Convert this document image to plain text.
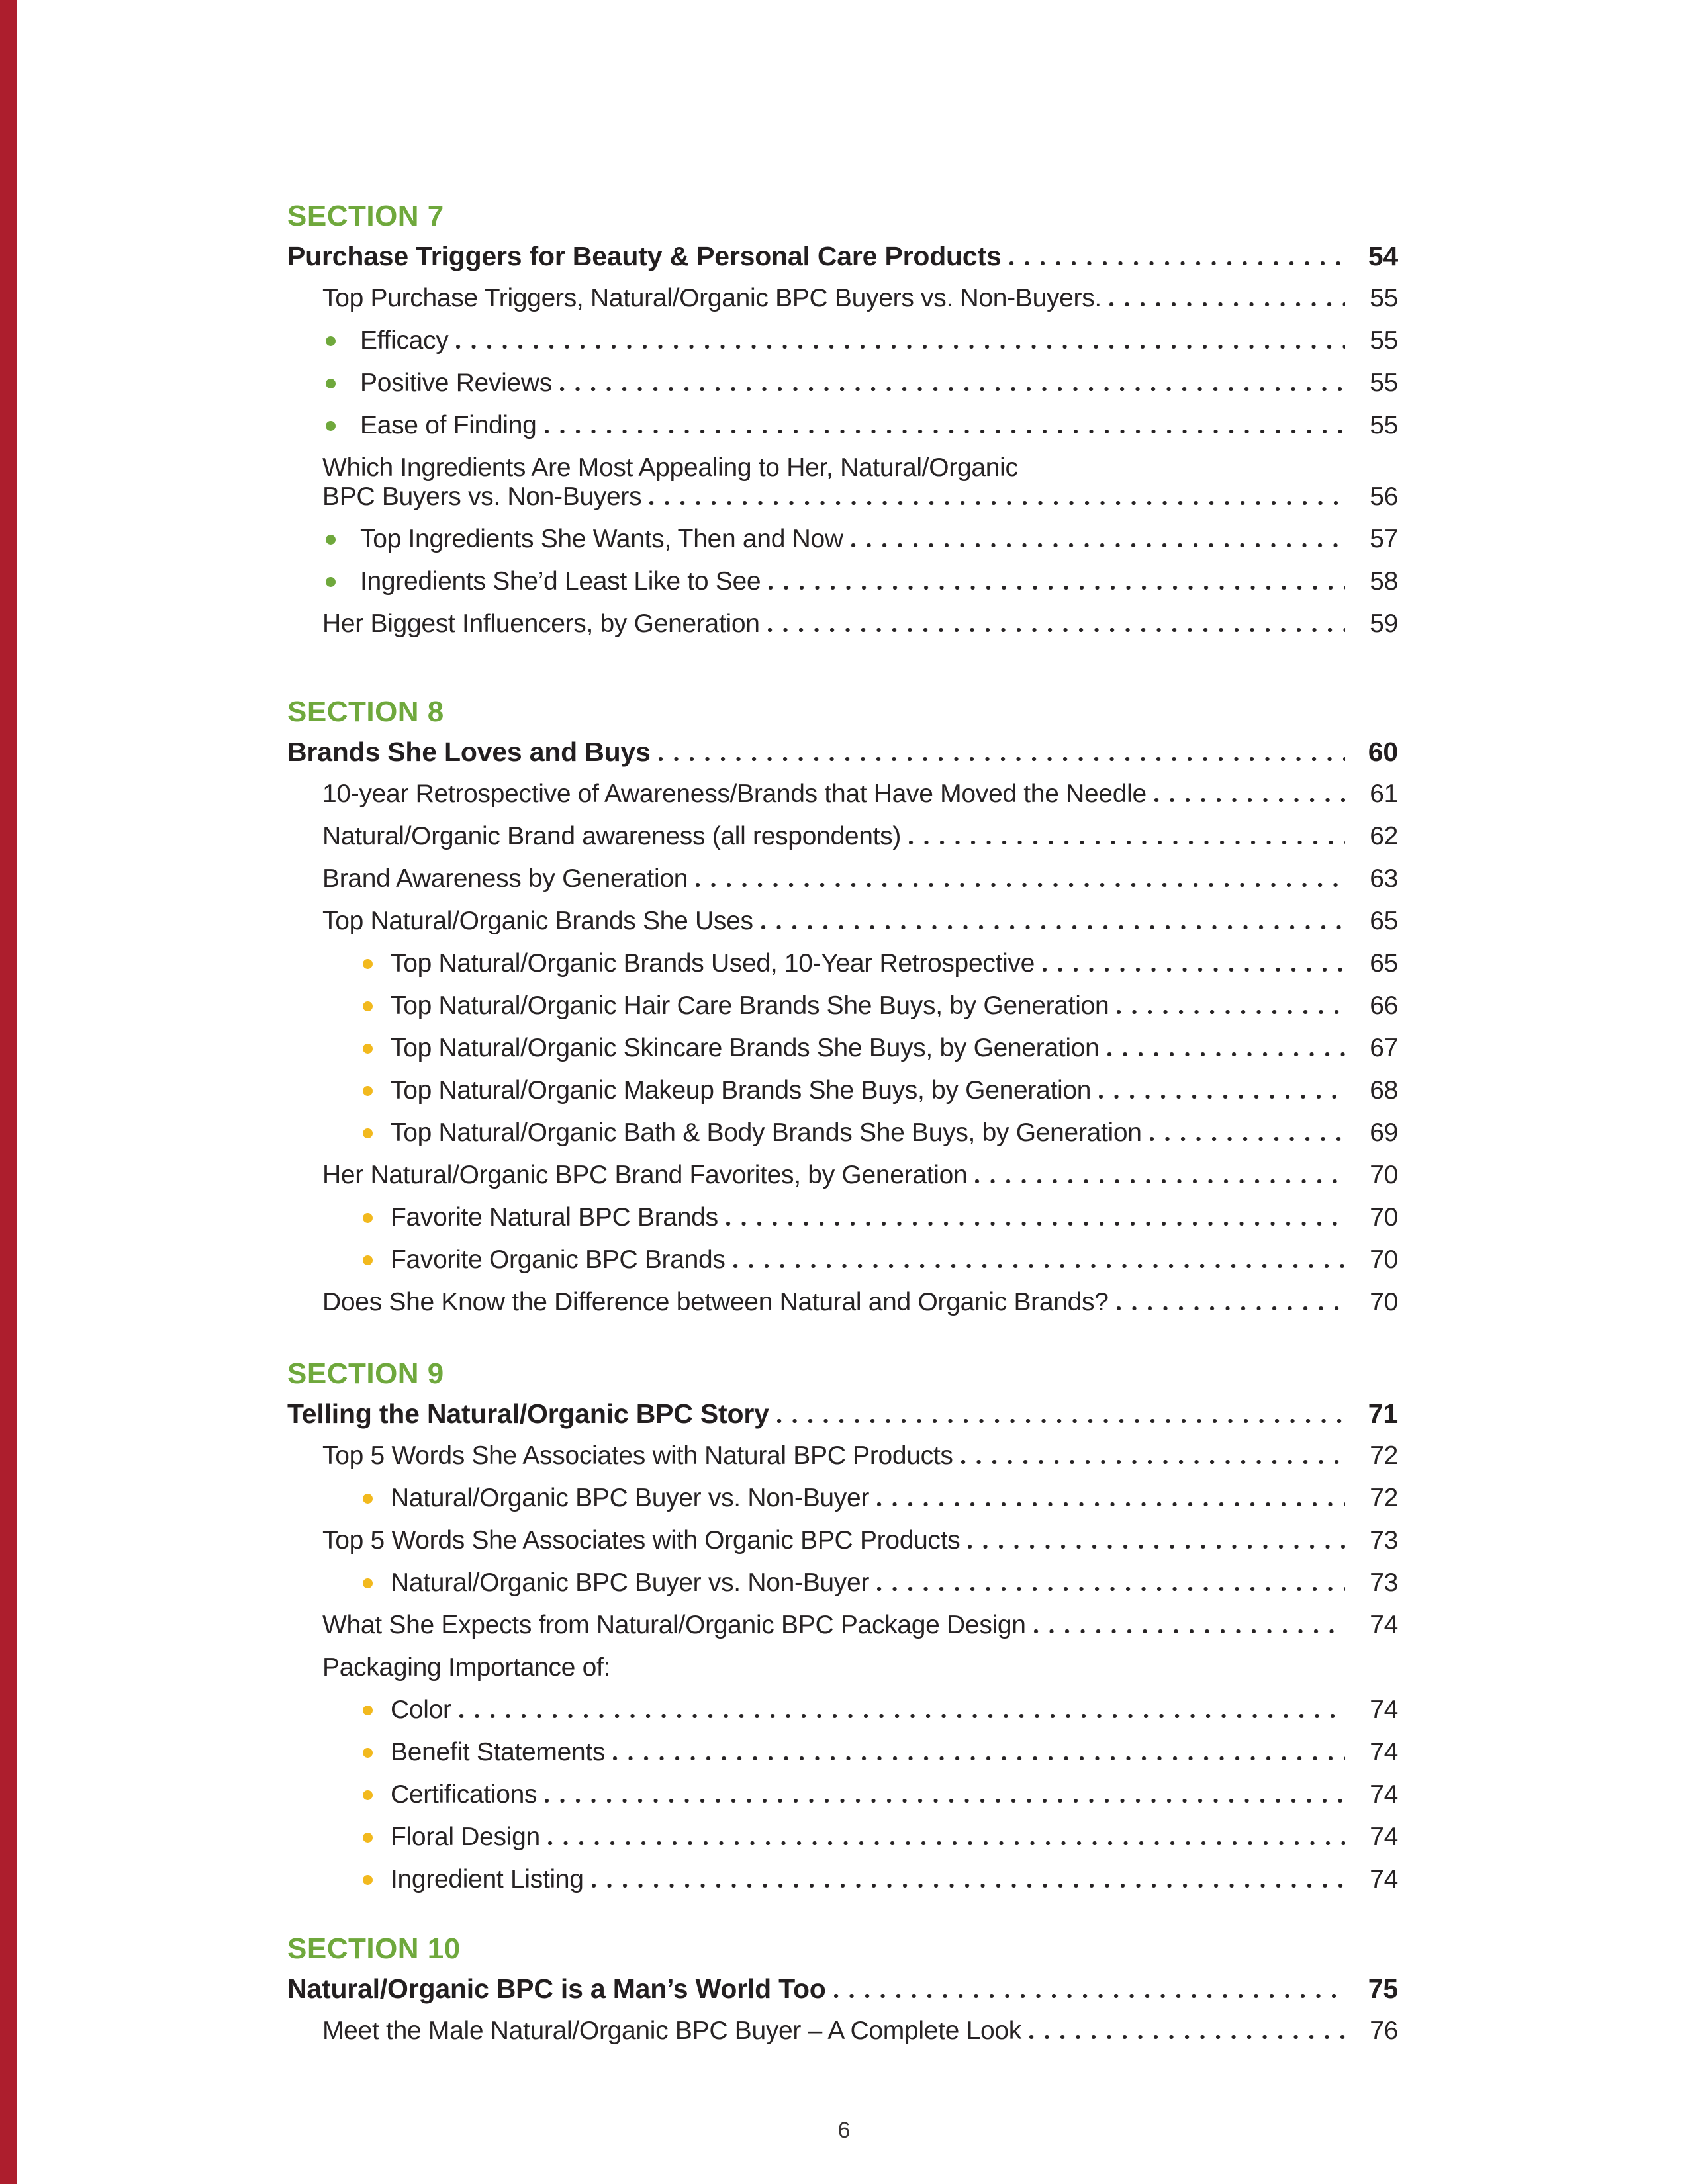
SECTION 7
Purchase Triggers for Beauty & Personal Care Products	54
Top Purchase Triggers, Natural/Organic BPC Buyers vs. Non-Buyers.	55
Efficacy	55
Positive Reviews	55
Ease of Finding	55
Which Ingredients Are Most Appealing to Her, Natural/Organic
BPC Buyers vs. Non-Buyers	56
Top Ingredients She Wants, Then and Now	57
Ingredients She’d Least Like to See	58
Her Biggest Influencers, by Generation	59
SECTION 8
Brands She Loves and Buys	60
10-year Retrospective of Awareness/Brands that Have Moved the Needle	61
Natural/Organic Brand awareness (all respondents)	62
Brand Awareness by Generation	63
Top Natural/Organic Brands She Uses	65
Top Natural/Organic Brands Used, 10-Year Retrospective	65
Top Natural/Organic Hair Care Brands She Buys, by Generation	66
Top Natural/Organic Skincare Brands She Buys, by Generation	67
Top Natural/Organic Makeup Brands She Buys, by Generation	68
Top Natural/Organic Bath & Body Brands She Buys, by Generation	69
Her Natural/Organic BPC Brand Favorites, by Generation	70
Favorite Natural BPC Brands	70
Favorite Organic BPC Brands	70
Does She Know the Difference between Natural and Organic Brands?	70
SECTION 9
Telling the Natural/Organic BPC Story	71
Top 5 Words She Associates with Natural BPC Products	72
Natural/Organic BPC Buyer vs. Non-Buyer	72
Top 5 Words She Associates with Organic BPC Products	73
Natural/Organic BPC Buyer vs. Non-Buyer	73
What She Expects from Natural/Organic BPC Package Design	74
Packaging Importance of:
Color	74
Benefit Statements	74
Certifications	74
Floral Design	74
Ingredient Listing	74
SECTION 10
Natural/Organic BPC is a Man’s World Too	75
Meet the Male Natural/Organic BPC Buyer – A Complete Look	76
6
